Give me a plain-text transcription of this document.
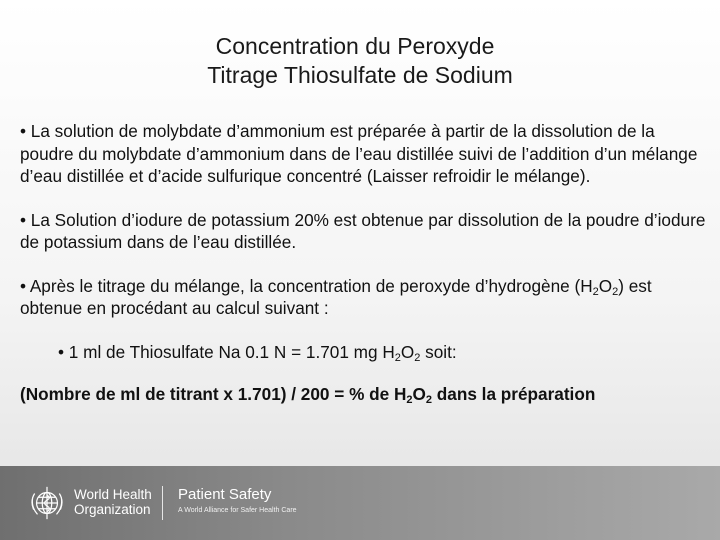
Concentration du Peroxyde
Titrage Thiosulfate de Sodium

• La solution de molybdate d’ammonium est préparée à partir de la dissolution de la poudre du molybdate d’ammonium dans de l’eau distillée suivi de l’addition d’un mélange d’eau distillée et d’acide sulfurique concentré (Laisser refroidir le mélange).

• La Solution d’iodure de potassium 20% est obtenue par dissolution de la poudre d’iodure de potassium dans de l’eau distillée.

• Après le titrage du mélange, la concentration de peroxyde d’hydrogène $(H_2O_2)$ est obtenue en procédant au calcul suivant :

• 1 ml de Thiosulfate Na 0.1 N = 1.701 mg $H_2O_2$ soit:

(Nombre de ml de titrant x 1.701) / 200 = % de $H_2O_2$ dans la préparation

World Health
Organization
Patient Safety
A World Alliance for Safer Health Care
